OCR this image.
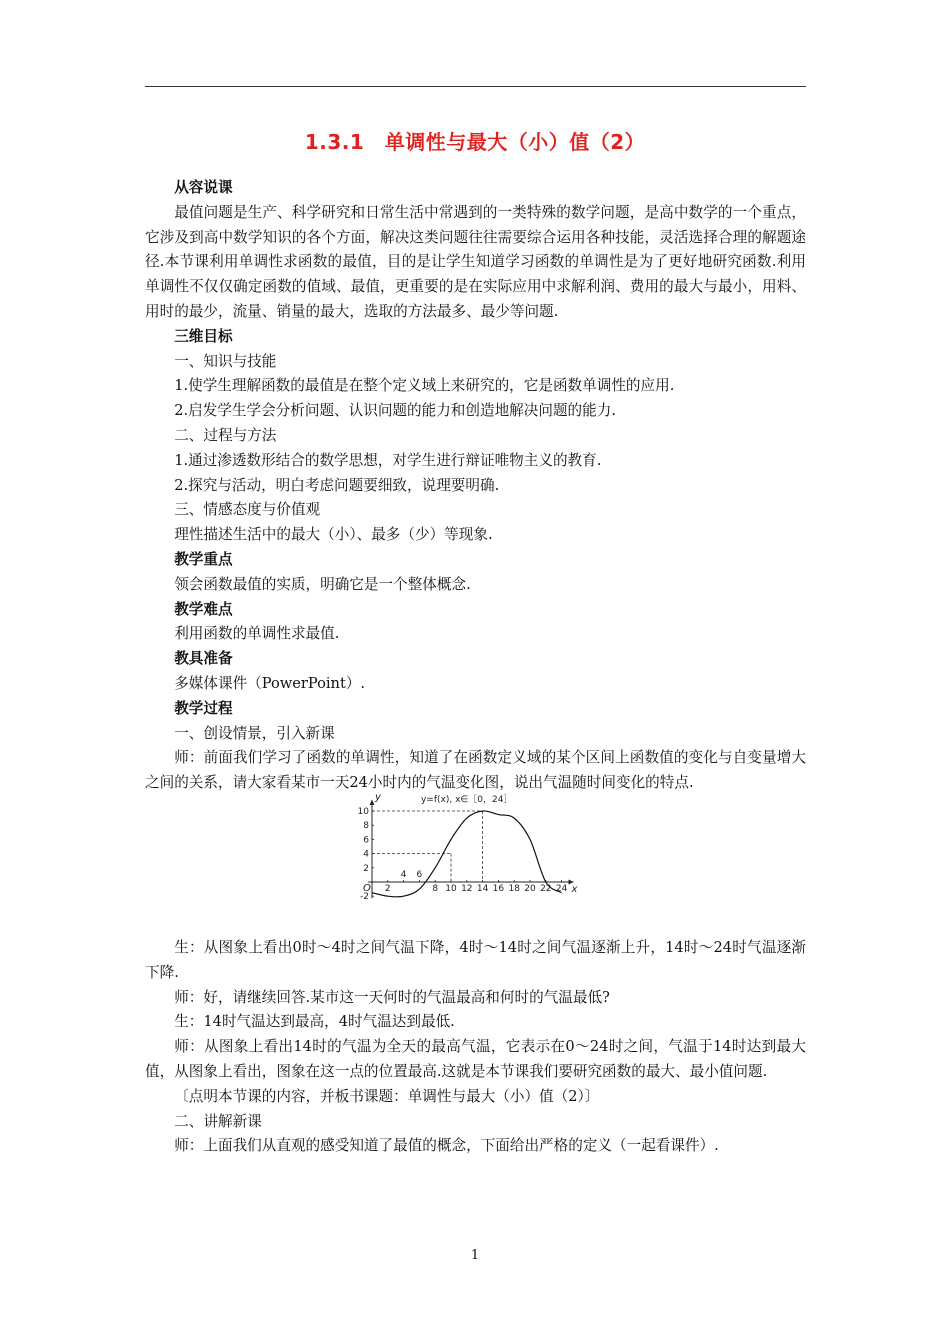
1.3.1　单调性与最大（小）值（2）

从容说课

最值问题是生产、科学研究和日常生活中常遇到的一类特殊的数学问题，是高中数学的一个重点，它涉及到高中数学知识的各个方面，解决这类问题往往需要综合运用各种技能，灵活选择合理的解题途径.本节课利用单调性求函数的最值，目的是让学生知道学习函数的单调性是为了更好地研究函数.利用单调性不仅仅确定函数的值域、最值，更重要的是在实际应用中求解利润、费用的最大与最小，用料、用时的最少，流量、销量的最大，选取的方法最多、最少等问题.

三维目标

一、知识与技能

1.使学生理解函数的最值是在整个定义域上来研究的，它是函数单调性的应用.

2.启发学生学会分析问题、认识问题的能力和创造地解决问题的能力.

二、过程与方法

1.通过渗透数形结合的数学思想，对学生进行辩证唯物主义的教育.

2.探究与活动，明白考虑问题要细致，说理要明确.

三、情感态度与价值观

理性描述生活中的最大（小）、最多（少）等现象.

教学重点

领会函数最值的实质，明确它是一个整体概念.

教学难点

利用函数的单调性求最值.

教具准备

多媒体课件（PowerPoint）.

教学过程

一、创设情景，引入新课

师：前面我们学习了函数的单调性，知道了在函数定义域的某个区间上函数值的变化与自变量增大之间的关系，请大家看某市一天24小时内的气温变化图，说出气温随时间变化的特点.

x
y
O
y=f(x), x∈［0，24］
2
4 6
8 10 12 14 16 18 20 22 24
-2
2
4
6
8
10

生：从图象上看出0时～4时之间气温下降，4时～14时之间气温逐渐上升，14时～24时气温逐渐下降.

师：好，请继续回答.某市这一天何时的气温最高和何时的气温最低?

生：14时气温达到最高，4时气温达到最低.

师：从图象上看出14时的气温为全天的最高气温，它表示在0～24时之间，气温于14时达到最大值，从图象上看出，图象在这一点的位置最高.这就是本节课我们要研究函数的最大、最小值问题.

〔点明本节课的内容，并板书课题：单调性与最大（小）值（2）〕

二、讲解新课

师：上面我们从直观的感受知道了最值的概念，下面给出严格的定义（一起看课件）.

1
